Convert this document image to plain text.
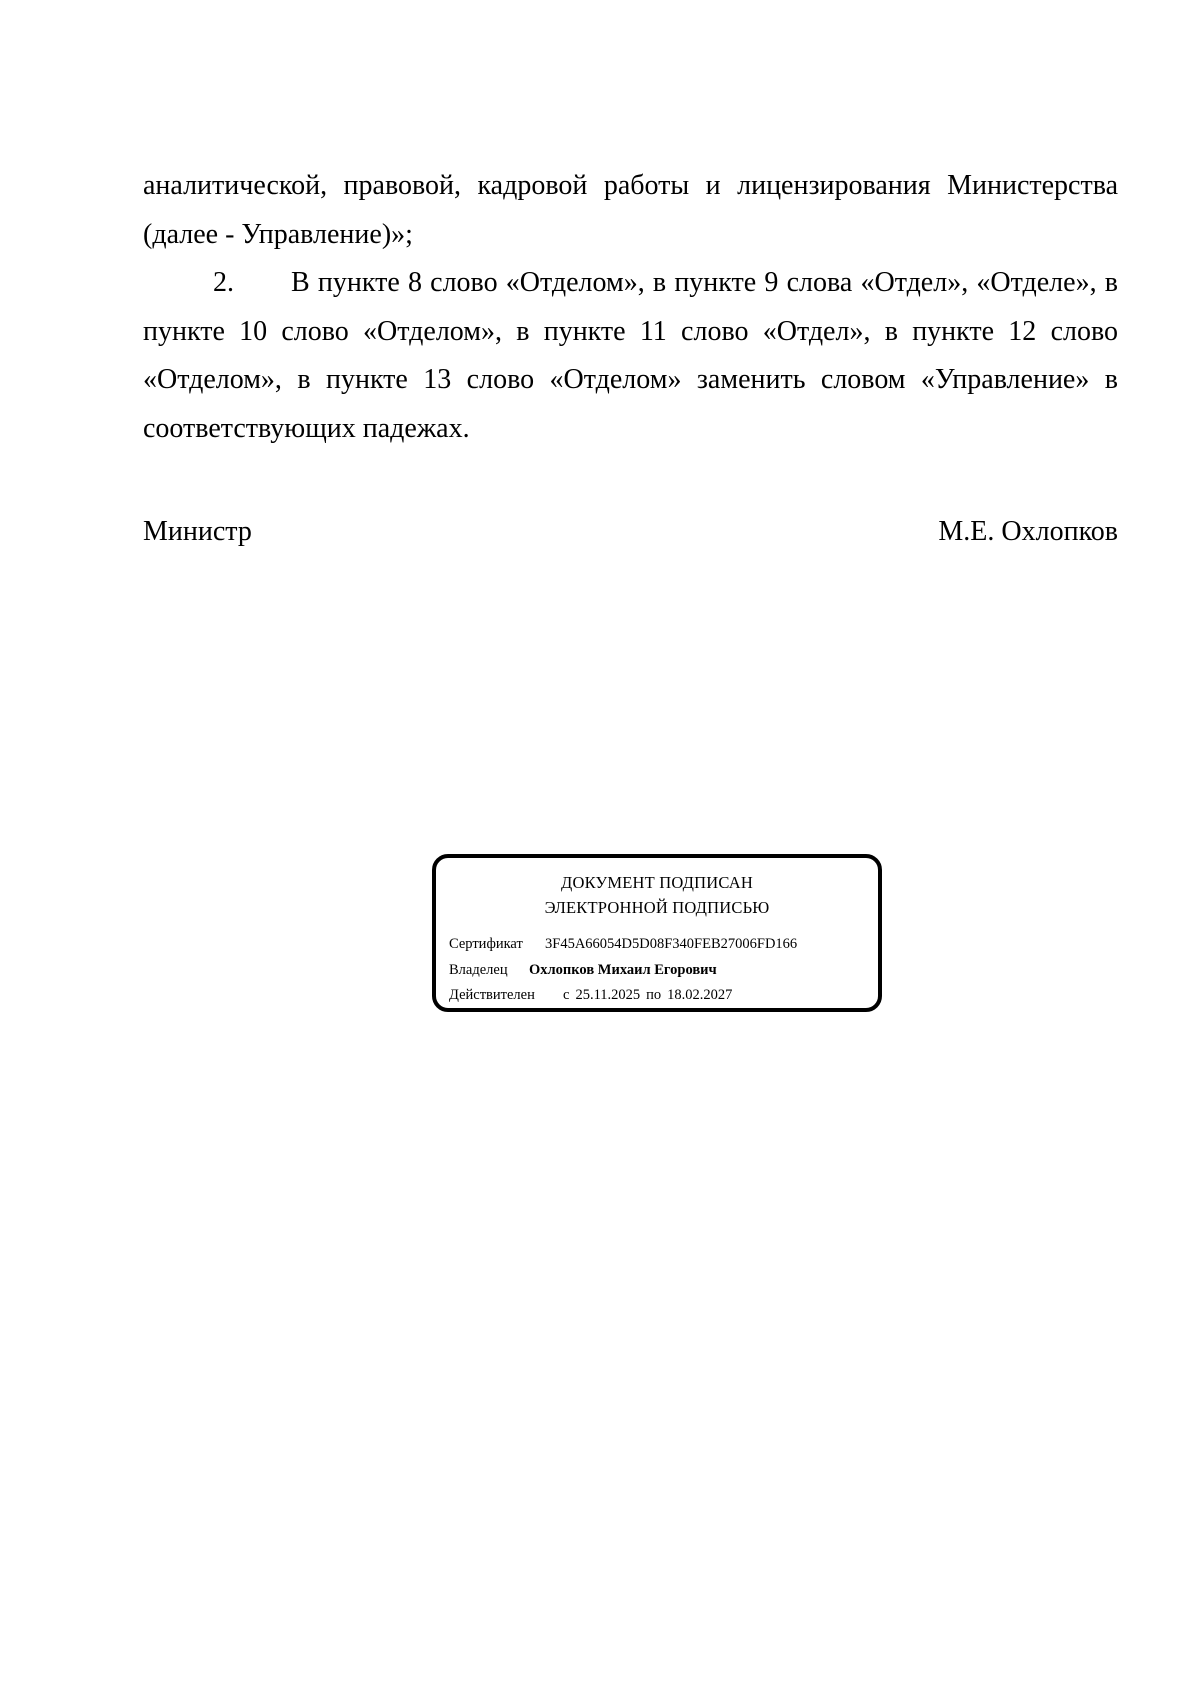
аналитической, правовой, кадровой работы и лицензирования Министерства (далее - Управление)»;

2. В пункте 8 слово «Отделом», в пункте 9 слова «Отдел», «Отделе», в пункте 10 слово «Отделом», в пункте 11 слово «Отдел», в пункте 12 слово «Отделом», в пункте 13 слово «Отделом» заменить словом «Управление» в соответствующих падежах.

Министр	М.Е. Охлопков
ДОКУМЕНТ ПОДПИСАН
ЭЛЕКТРОННОЙ ПОДПИСЬЮ
Сертификат 3F45A66054D5D08F340FEB27006FD166
Владелец Охлопков Михаил Егорович
Действителен с 25.11.2025 по 18.02.2027
